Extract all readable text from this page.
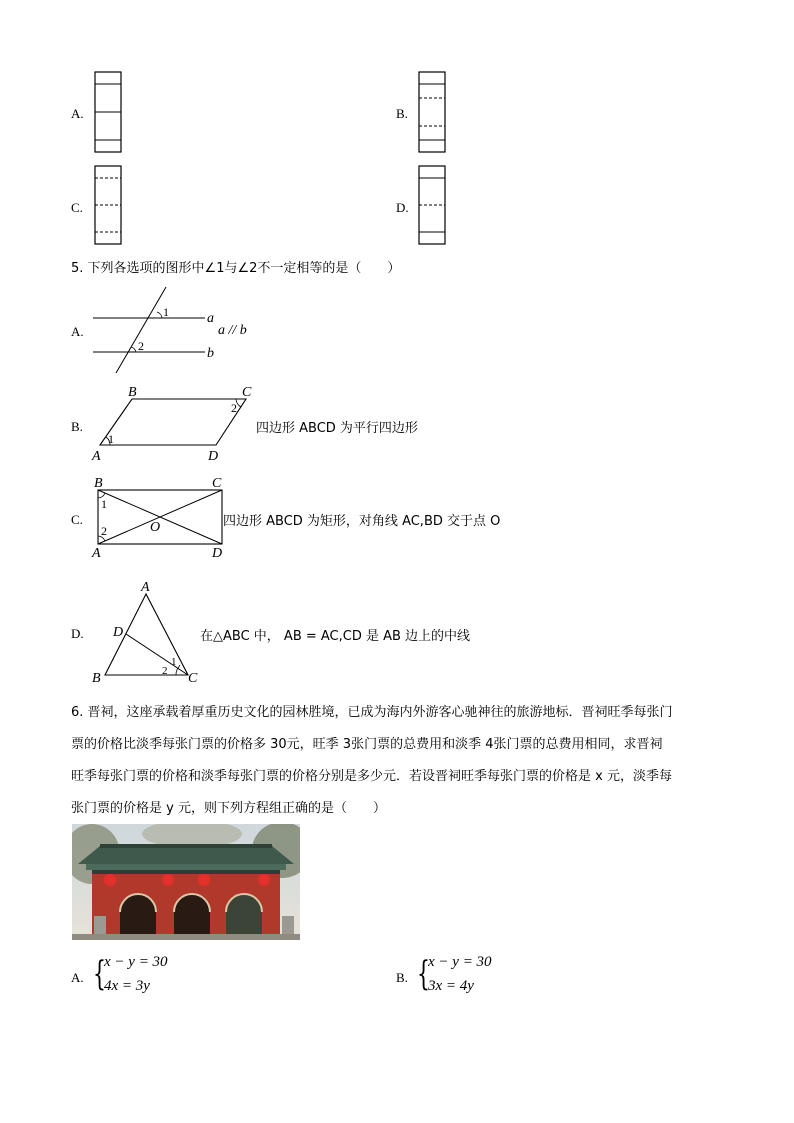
A.	B.
C.	D.
5. 下列各选项的图形中∠1与∠2不一定相等的是（　　）
A.
1
2
a
b
a // b
B.
1
2
B	C
A	D
四边形 ABCD 为平行四边形
C.
1
2
B	C
A	D
O	四边形 ABCD 为矩形，对角线 AC,BD 交于点 O
D.
1
2
A
D
B	C
在△ABC 中， AB = AC,CD 是 AB 边上的中线
6. 晋祠，这座承载着厚重历史文化的园林胜境，已成为海内外游客心驰神往的旅游地标．晋祠旺季每张门
票的价格比淡季每张门票的价格多 30元，旺季 3张门票的总费用和淡季 4张门票的总费用相同，求晋祠
旺季每张门票的价格和淡季每张门票的价格分别是多少元．若设晋祠旺季每张门票的价格是 x 元，淡季每
张门票的价格是 y 元，则下列方程组正确的是（　　）
A. {
x − y = 30
4x = 3y
B. {
x − y = 30
3x = 4y
